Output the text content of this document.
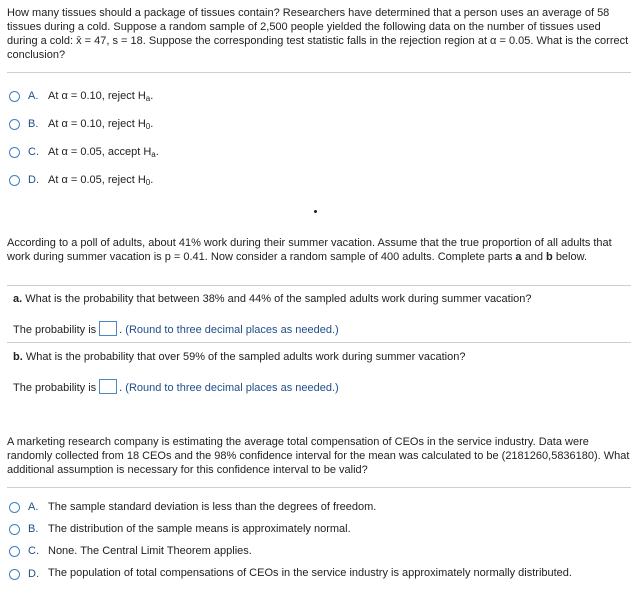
How many tissues should a package of tissues contain? Researchers have determined that a person uses an average of 58 tissues during a cold. Suppose a random sample of 2,500 people yielded the following data on the number of tissues used during a cold: x̄ = 47, s = 18. Suppose the corresponding test statistic falls in the rejection region at α = 0.05. What is the correct conclusion?
A. At α = 0.10, reject $H_a$.
B. At α = 0.10, reject $H_0$.
C. At α = 0.05, accept $H_a$.
D. At α = 0.05, reject $H_0$.
According to a poll of adults, about 41% work during their summer vacation. Assume that the true proportion of all adults that work during summer vacation is p = 0.41. Now consider a random sample of 400 adults. Complete parts a and b below.
a. What is the probability that between 38% and 44% of the sampled adults work during summer vacation?
The probability is . (Round to three decimal places as needed.)
b. What is the probability that over 59% of the sampled adults work during summer vacation?
The probability is . (Round to three decimal places as needed.)
A marketing research company is estimating the average total compensation of CEOs in the service industry. Data were randomly collected from 18 CEOs and the 98% confidence interval for the mean was calculated to be (2181260,5836180). What additional assumption is necessary for this confidence interval to be valid?
A. The sample standard deviation is less than the degrees of freedom.
B. The distribution of the sample means is approximately normal.
C. None. The Central Limit Theorem applies.
D. The population of total compensations of CEOs in the service industry is approximately normally distributed.
